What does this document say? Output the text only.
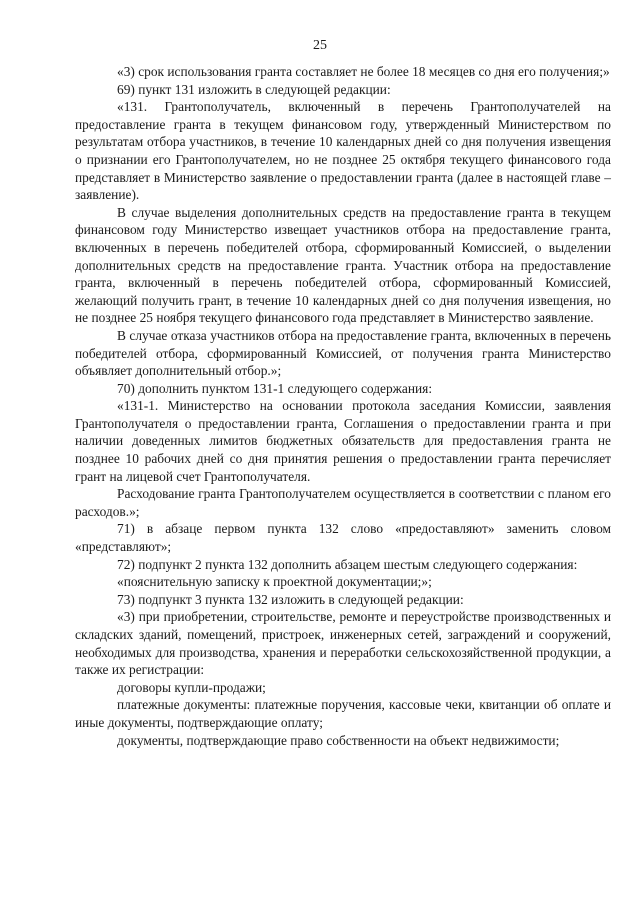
25

«3) срок использования гранта составляет не более 18 месяцев со дня его получения;»

69) пункт 131 изложить в следующей редакции:

«131. Грантополучатель, включенный в перечень Грантополучателей на предоставление гранта в текущем финансовом году, утвержденный Министерством по результатам отбора участников, в течение 10 календарных дней со дня получения извещения о признании его Грантополучателем, но не позднее 25 октября текущего финансового года представляет в Министерство заявление о предоставлении гранта (далее в настоящей главе – заявление).

В случае выделения дополнительных средств на предоставление гранта в текущем финансовом году Министерство извещает участников отбора на предоставление гранта, включенных в перечень победителей отбора, сформированный Комиссией, о выделении дополнительных средств на предоставление гранта. Участник отбора на предоставление гранта, включенный в перечень победителей отбора, сформированный Комиссией, желающий получить грант, в течение 10 календарных дней со дня получения извещения, но не позднее 25 ноября текущего финансового года представляет в Министерство заявление.

В случае отказа участников отбора на предоставление гранта, включенных в перечень победителей отбора, сформированный Комиссией, от получения гранта Министерство объявляет дополнительный отбор.»;

70) дополнить пунктом 131-1 следующего содержания:

«131-1. Министерство на основании протокола заседания Комиссии, заявления Грантополучателя о предоставлении гранта, Соглашения о предоставлении гранта и при наличии доведенных лимитов бюджетных обязательств для предоставления гранта не позднее 10 рабочих дней со дня принятия решения о предоставлении гранта перечисляет грант на лицевой счет Грантополучателя.

Расходование гранта Грантополучателем осуществляется в соответствии с планом его расходов.»;

71) в абзаце первом пункта 132 слово «предоставляют» заменить словом «представляют»;

72) подпункт 2 пункта 132 дополнить абзацем шестым следующего содержания:

«пояснительную записку к проектной документации;»;

73) подпункт 3 пункта 132 изложить в следующей редакции:

«3) при приобретении, строительстве, ремонте и переустройстве производственных и складских зданий, помещений, пристроек, инженерных сетей, заграждений и сооружений, необходимых для производства, хранения и переработки сельскохозяйственной продукции, а также их регистрации:

договоры купли-продажи;

платежные документы: платежные поручения, кассовые чеки, квитанции об оплате и иные документы, подтверждающие оплату;

документы, подтверждающие право собственности на объект недвижимости;
